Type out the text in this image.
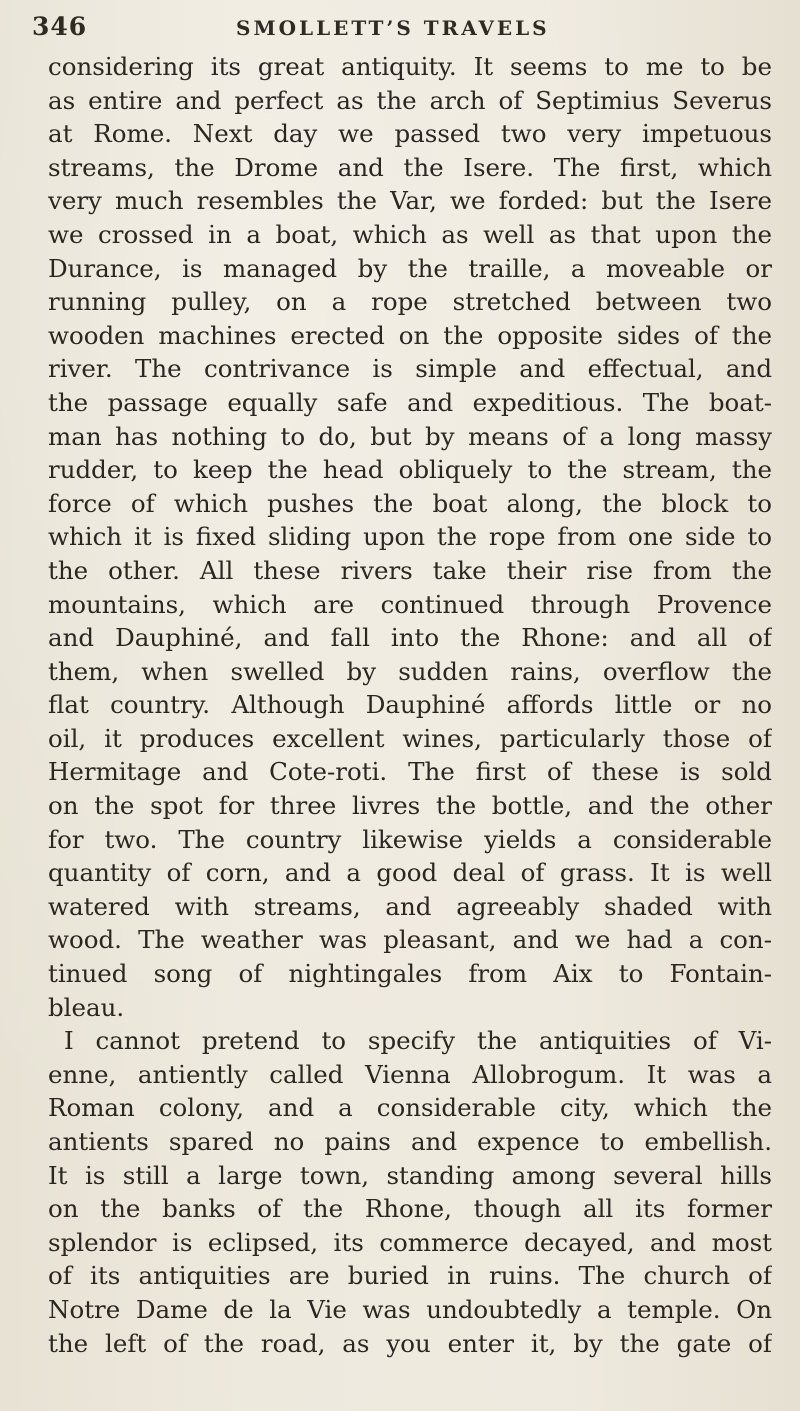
346	SMOLLETT’S TRAVELS
considering its great antiquity. It seems to me to be
as entire and perfect as the arch of Septimius Severus
at Rome. Next day we passed two very impetuous
streams, the Drome and the Isere. The first, which
very much resembles the Var, we forded: but the Isere
we crossed in a boat, which as well as that upon the
Durance, is managed by the traille, a moveable or
running pulley, on a rope stretched between two
wooden machines erected on the opposite sides of the
river. The contrivance is simple and effectual, and
the passage equally safe and expeditious. The boat-
man has nothing to do, but by means of a long massy
rudder, to keep the head obliquely to the stream, the
force of which pushes the boat along, the block to
which it is fixed sliding upon the rope from one side to
the other. All these rivers take their rise from the
mountains, which are continued through Provence
and Dauphiné, and fall into the Rhone: and all of
them, when swelled by sudden rains, overflow the
flat country. Although Dauphiné affords little or no
oil, it produces excellent wines, particularly those of
Hermitage and Cote-roti. The first of these is sold
on the spot for three livres the bottle, and the other
for two. The country likewise yields a considerable
quantity of corn, and a good deal of grass. It is well
watered with streams, and agreeably shaded with
wood. The weather was pleasant, and we had a con-
tinued song of nightingales from Aix to Fontain-
bleau.
I cannot pretend to specify the antiquities of Vi-
enne, antiently called Vienna Allobrogum. It was a
Roman colony, and a considerable city, which the
antients spared no pains and expence to embellish.
It is still a large town, standing among several hills
on the banks of the Rhone, though all its former
splendor is eclipsed, its commerce decayed, and most
of its antiquities are buried in ruins. The church of
Notre Dame de la Vie was undoubtedly a temple. On
the left of the road, as you enter it, by the gate of
